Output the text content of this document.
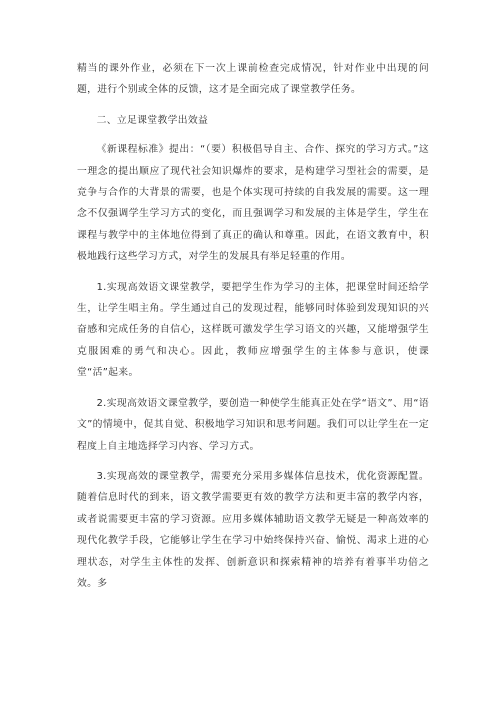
精当的课外作业，必须在下一次上课前检查完成情况，针对作业中出现的问题，进行个别或全体的反馈，这才是全面完成了课堂教学任务。

二、立足课堂教学出效益

《新课程标准》提出：“（要）积极倡导自主、合作、探究的学习方式。”这一理念的提出顺应了现代社会知识爆炸的要求，是构建学习型社会的需要，是竞争与合作的大背景的需要，也是个体实现可持续的自我发展的需要。这一理念不仅强调学生学习方式的变化，而且强调学习和发展的主体是学生，学生在课程与教学中的主体地位得到了真正的确认和尊重。因此，在语文教育中，积极地践行这些学习方式，对学生的发展具有举足轻重的作用。

1.实现高效语文课堂教学，要把学生作为学习的主体，把课堂时间还给学生，让学生唱主角。学生通过自己的发现过程，能够同时体验到发现知识的兴奋感和完成任务的自信心，这样既可激发学生学习语文的兴趣，又能增强学生克服困难的勇气和决心。因此，教师应增强学生的主体参与意识，使课堂“活”起来。

2.实现高效语文课堂教学，要创造一种使学生能真正处在学“语文”、用“语文”的情境中，促其自觉、积极地学习知识和思考问题。我们可以让学生在一定程度上自主地选择学习内容、学习方式。

3.实现高效的课堂教学，需要充分采用多媒体信息技术，优化资源配置。随着信息时代的到来，语文教学需要更有效的教学方法和更丰富的教学内容，或者说需要更丰富的学习资源。应用多媒体辅助语文教学无疑是一种高效率的现代化教学手段，它能够让学生在学习中始终保持兴奋、愉悦、渴求上进的心理状态，对学生主体性的发挥、创新意识和探索精神的培养有着事半功倍之效。多
